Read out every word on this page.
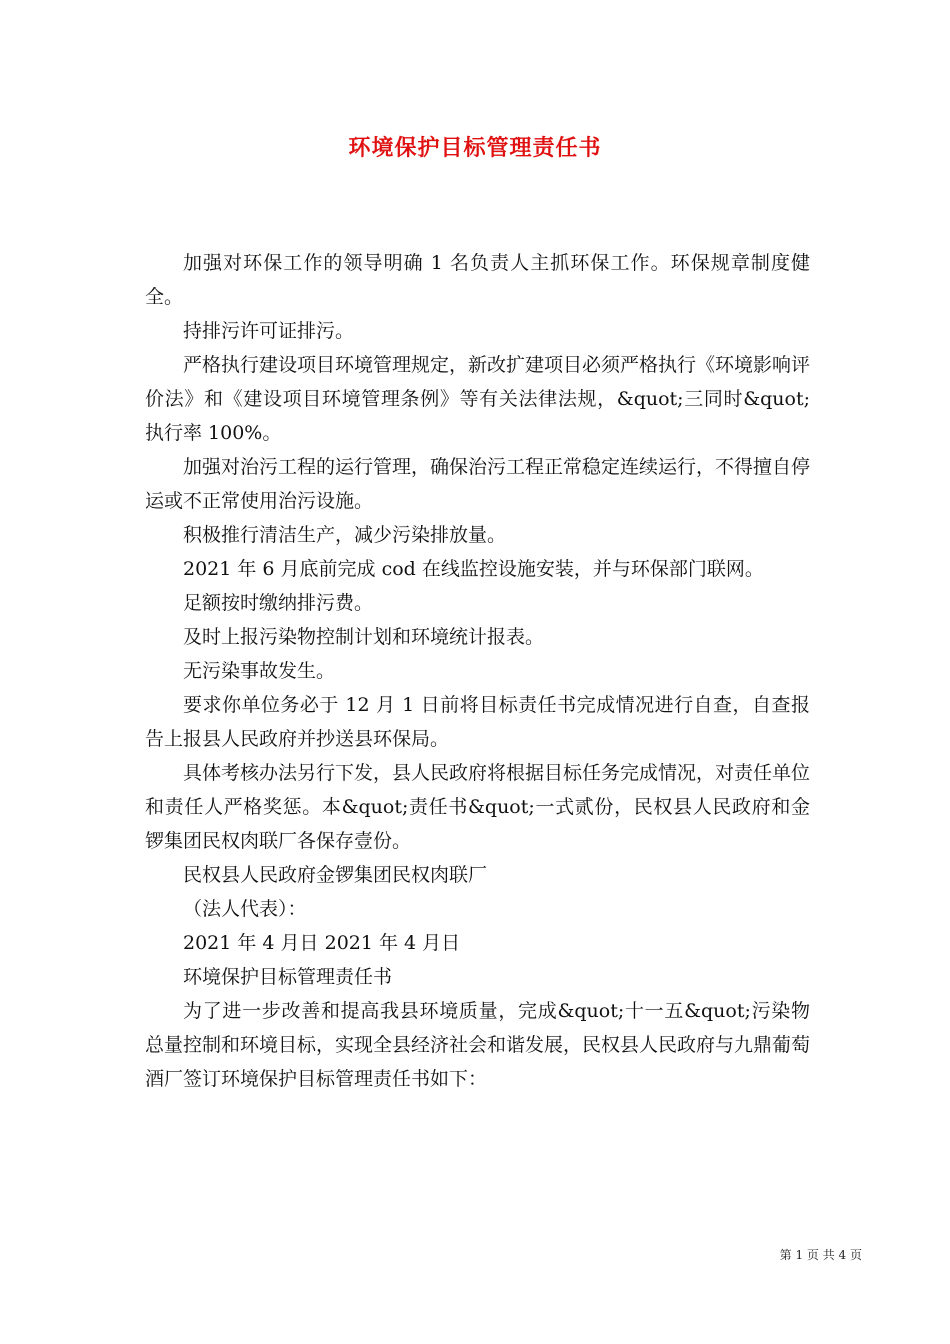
环境保护目标管理责任书

加强对环保工作的领导明确 1 名负责人主抓环保工作。环保规章制度健全。

持排污许可证排污。

严格执行建设项目环境管理规定，新改扩建项目必须严格执行《环境影响评价法》和《建设项目环境管理条例》等有关法律法规，&quot;三同时&quot;执行率 100%。

加强对治污工程的运行管理，确保治污工程正常稳定连续运行，不得擅自停运或不正常使用治污设施。

积极推行清洁生产，减少污染排放量。

2021 年 6 月底前完成 cod 在线监控设施安装，并与环保部门联网。

足额按时缴纳排污费。

及时上报污染物控制计划和环境统计报表。

无污染事故发生。

要求你单位务必于 12 月 1 日前将目标责任书完成情况进行自查，自查报告上报县人民政府并抄送县环保局。

具体考核办法另行下发，县人民政府将根据目标任务完成情况，对责任单位和责任人严格奖惩。本&quot;责任书&quot;一式贰份，民权县人民政府和金锣集团民权肉联厂各保存壹份。

民权县人民政府金锣集团民权肉联厂

（法人代表）：

2021 年 4 月日 2021 年 4 月日

环境保护目标管理责任书

为了进一步改善和提高我县环境质量，完成&quot;十一五&quot;污染物总量控制和环境目标，实现全县经济社会和谐发展，民权县人民政府与九鼎葡萄酒厂签订环境保护目标管理责任书如下：

第 1 页 共 4 页
